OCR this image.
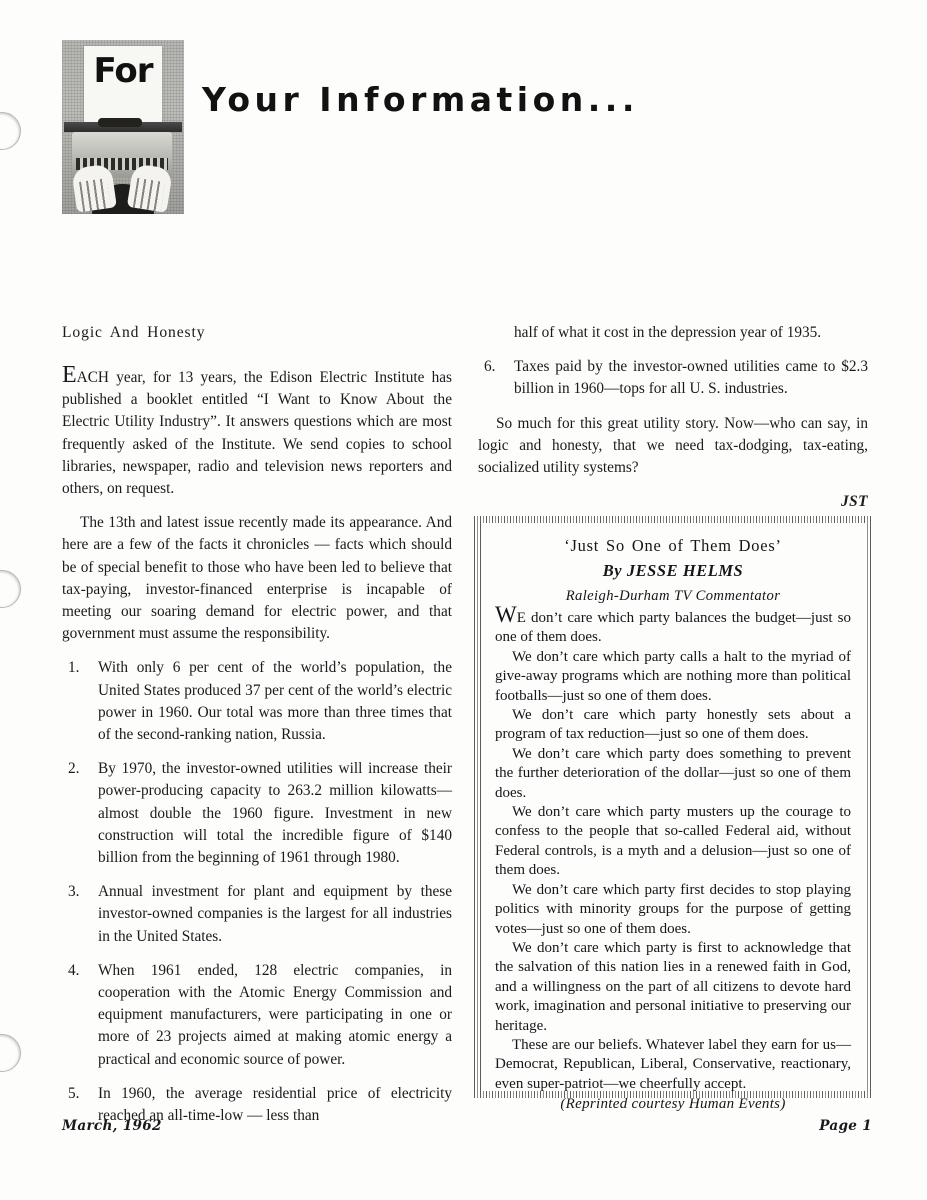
For
Your Information...
Logic And Honesty

EACH year, for 13 years, the Edison Electric Institute has published a booklet entitled “I Want to Know About the Electric Utility Industry”. It answers questions which are most frequently asked of the Institute. We send copies to school libraries, newspaper, radio and television news reporters and others, on request.

The 13th and latest issue recently made its appearance. And here are a few of the facts it chronicles — facts which should be of special benefit to those who have been led to believe that tax-paying, investor-financed enterprise is incapable of meeting our soaring demand for electric power, and that government must assume the responsibility.

With only 6 per cent of the world’s population, the United States produced 37 per cent of the world’s electric power in 1960. Our total was more than three times that of the second-ranking nation, Russia.
By 1970, the investor-owned utilities will increase their power-producing capacity to 263.2 million kilowatts—almost double the 1960 figure. Investment in new construction will total the incredible figure of $140 billion from the beginning of 1961 through 1980.
Annual investment for plant and equipment by these investor-owned companies is the largest for all industries in the United States.
When 1961 ended, 128 electric companies, in cooperation with the Atomic Energy Commission and equipment manufacturers, were participating in one or more of 23 projects aimed at making atomic energy a practical and economic source of power.
In 1960, the average residential price of electricity reached an all-time-low — less than

half of what it cost in the depression year of 1935.

Taxes paid by the investor-owned utilities came to $2.3 billion in 1960—tops for all U. S. industries.

So much for this great utility story. Now—who can say, in logic and honesty, that we need tax-dodging, tax-eating, socialized utility systems?

JST

‘Just So One of Them Does’
By JESSE HELMS
Raleigh-Durham TV Commentator

WE don’t care which party balances the budget—just so one of them does.

We don’t care which party calls a halt to the myriad of give-away programs which are nothing more than political footballs—just so one of them does.

We don’t care which party honestly sets about a program of tax reduction—just so one of them does.

We don’t care which party does something to prevent the further deterioration of the dollar—just so one of them does.

We don’t care which party musters up the courage to confess to the people that so-called Federal aid, without Federal controls, is a myth and a delusion—just so one of them does.

We don’t care which party first decides to stop playing politics with minority groups for the purpose of getting votes—just so one of them does.

We don’t care which party is first to acknowledge that the salvation of this nation lies in a renewed faith in God, and a willingness on the part of all citizens to devote hard work, imagination and personal initiative to preserving our heritage.

These are our beliefs. Whatever label they earn for us—Democrat, Republican, Liberal, Conservative, reactionary, even super-patriot—we cheerfully accept.

(Reprinted courtesy Human Events)

March, 1962	Page 1
